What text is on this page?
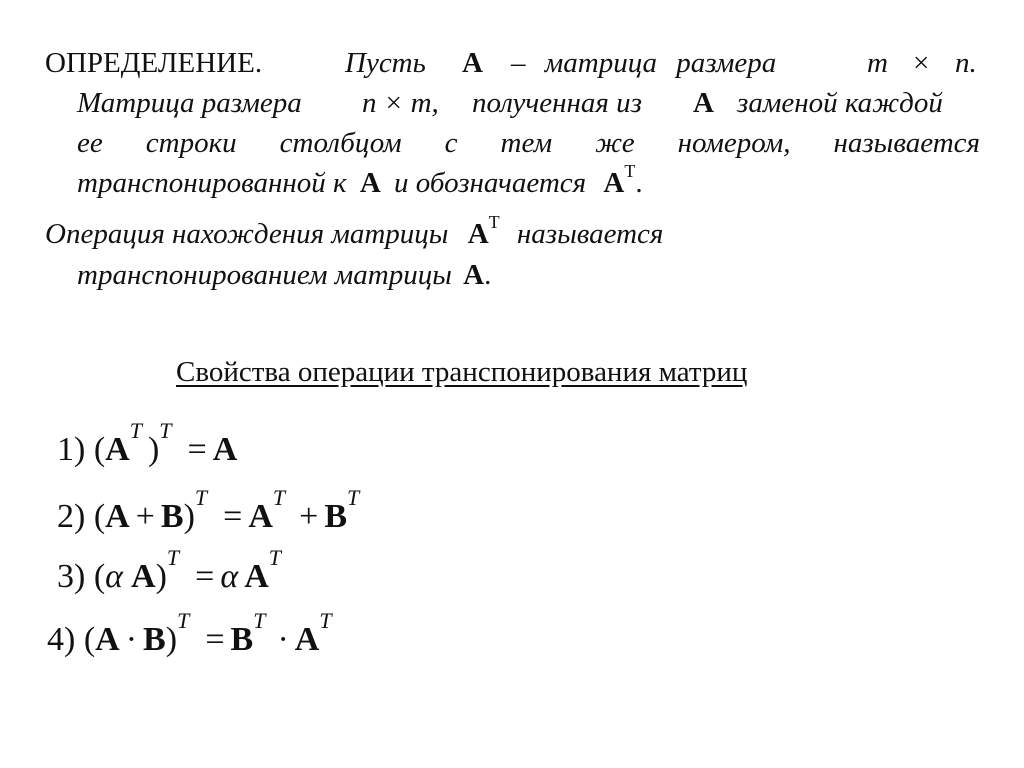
ОПРЕДЕЛЕНИЕ.	Пусть A – матрица размера	m × n.
Матрица размера n × m, полученная из A заменой каждой
ее строки столбцом с тем же номером, называется
транспонированной к A и обозначается $A^T$.
Операция нахождения матрицы $A^T$ называется
транспонированием матрицы A.
Свойства операции транспонирования матриц
1) $(A^T)^T= A$
2) $(A + B)^T= A^T+ B^T$
3) (α A)$^T$= α $A^T$
4) $(A \cdot B)^T= B^T\cdot A^T$
